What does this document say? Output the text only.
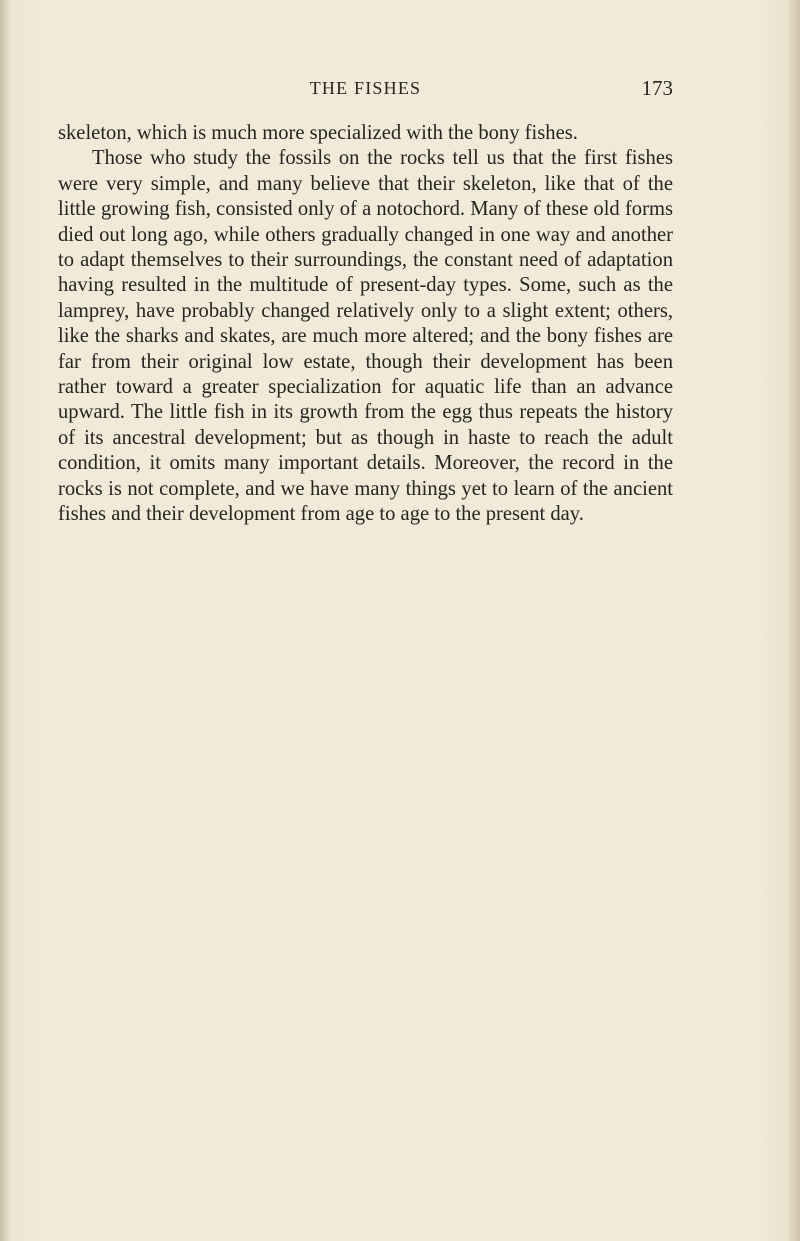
THE FISHES	173

skeleton, which is much more specialized with the bony fishes.

Those who study the fossils on the rocks tell us that the first fishes were very simple, and many believe that their skeleton, like that of the little growing fish, consisted only of a notochord. Many of these old forms died out long ago, while others gradually changed in one way and another to adapt themselves to their surroundings, the constant need of adaptation having resulted in the multitude of present-day types. Some, such as the lamprey, have probably changed relatively only to a slight extent; others, like the sharks and skates, are much more altered; and the bony fishes are far from their original low estate, though their development has been rather toward a greater specialization for aquatic life than an advance upward. The little fish in its growth from the egg thus repeats the history of its ancestral development; but as though in haste to reach the adult condition, it omits many important details. Moreover, the record in the rocks is not complete, and we have many things yet to learn of the ancient fishes and their development from age to age to the present day.
